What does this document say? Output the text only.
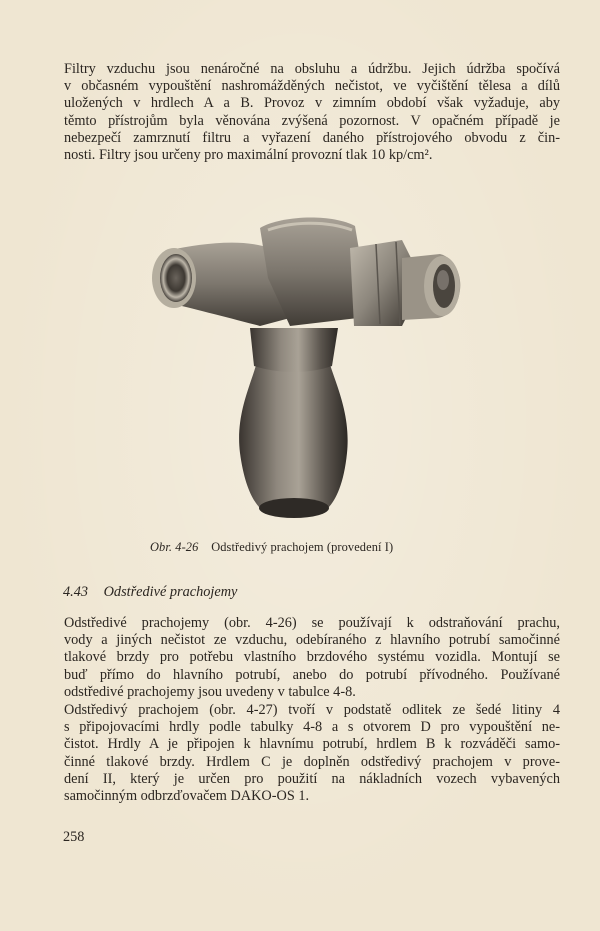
Filtry vzduchu jsou nenáročné na obsluhu a údržbu. Jejich údržba spočívá
v občasném vypouštění nashromážděných nečistot, ve vyčištění tělesa a dílů
uložených v hrdlech A a B. Provoz v zimním období však vyžaduje, aby
těmto přístrojům byla věnována zvýšená pozornost. V opačném případě je
nebezpečí zamrznutí filtru a vyřazení daného přístrojového obvodu z čin-
nosti. Filtry jsou určeny pro maximální provozní tlak 10 kp/cm².

Obr. 4-26 Odstředivý prachojem (provedení I)
4.43 Odstředivé prachojemy

Odstředivé prachojemy (obr. 4-26) se používají k odstraňování prachu,
vody a jiných nečistot ze vzduchu, odebíraného z hlavního potrubí samočinné
tlakové brzdy pro potřebu vlastního brzdového systému vozidla. Montují se
buď přímo do hlavního potrubí, anebo do potrubí přívodného. Používané
odstředivé prachojemy jsou uvedeny v tabulce 4-8.

Odstředivý prachojem (obr. 4-27) tvoří v podstatě odlitek ze šedé litiny 4
s připojovacími hrdly podle tabulky 4-8 a s otvorem D pro vypouštění ne-
čistot. Hrdly A je připojen k hlavnímu potrubí, hrdlem B k rozváděči samo-
činné tlakové brzdy. Hrdlem C je doplněn odstředivý prachojem v prove-
dení II, který je určen pro použití na nákladních vozech vybavených
samočinným odbrzďovačem DAKO-OS 1.

258
